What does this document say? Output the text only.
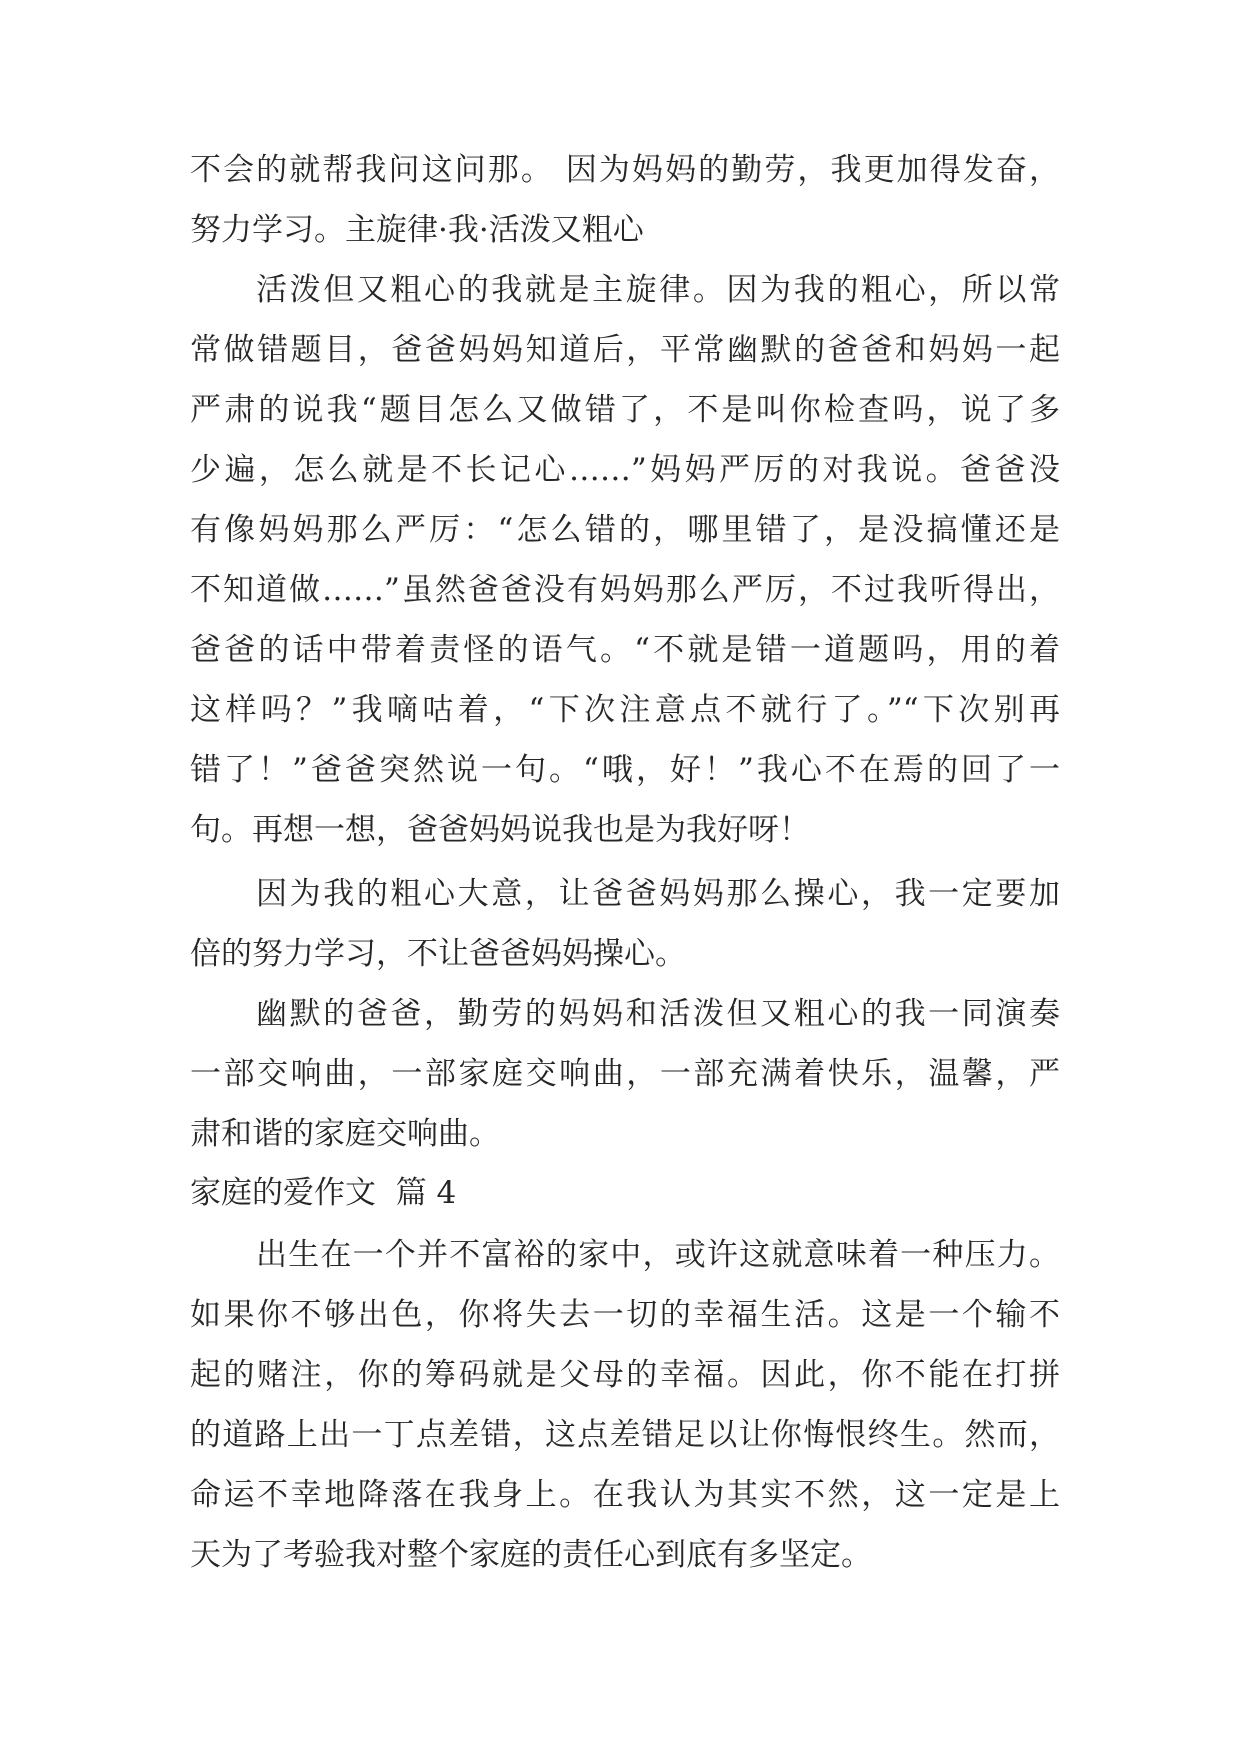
不会的就帮我问这问那。 因为妈妈的勤劳，我更加得发奋，
努力学习。主旋律·我·活泼又粗心
活泼但又粗心的我就是主旋律。因为我的粗心，所以常
常做错题目，爸爸妈妈知道后，平常幽默的爸爸和妈妈一起
严肃的说我“题目怎么又做错了，不是叫你检查吗，说了多
少遍，怎么就是不长记心……”妈妈严厉的对我说。爸爸没
有像妈妈那么严厉：“怎么错的，哪里错了，是没搞懂还是
不知道做……”虽然爸爸没有妈妈那么严厉，不过我听得出，
爸爸的话中带着责怪的语气。“不就是错一道题吗，用的着
这样吗？”我嘀咕着，“下次注意点不就行了。”“下次别再
错了！”爸爸突然说一句。“哦，好！”我心不在焉的回了一
句。再想一想，爸爸妈妈说我也是为我好呀！
因为我的粗心大意，让爸爸妈妈那么操心，我一定要加
倍的努力学习，不让爸爸妈妈操心。
幽默的爸爸，勤劳的妈妈和活泼但又粗心的我一同演奏
一部交响曲，一部家庭交响曲，一部充满着快乐，温馨，严
肃和谐的家庭交响曲。
家庭的爱作文  篇 4
出生在一个并不富裕的家中，或许这就意味着一种压力。
如果你不够出色，你将失去一切的幸福生活。这是一个输不
起的赌注，你的筹码就是父母的幸福。因此，你不能在打拼
的道路上出一丁点差错，这点差错足以让你悔恨终生。然而，
命运不幸地降落在我身上。在我认为其实不然，这一定是上
天为了考验我对整个家庭的责任心到底有多坚定。
